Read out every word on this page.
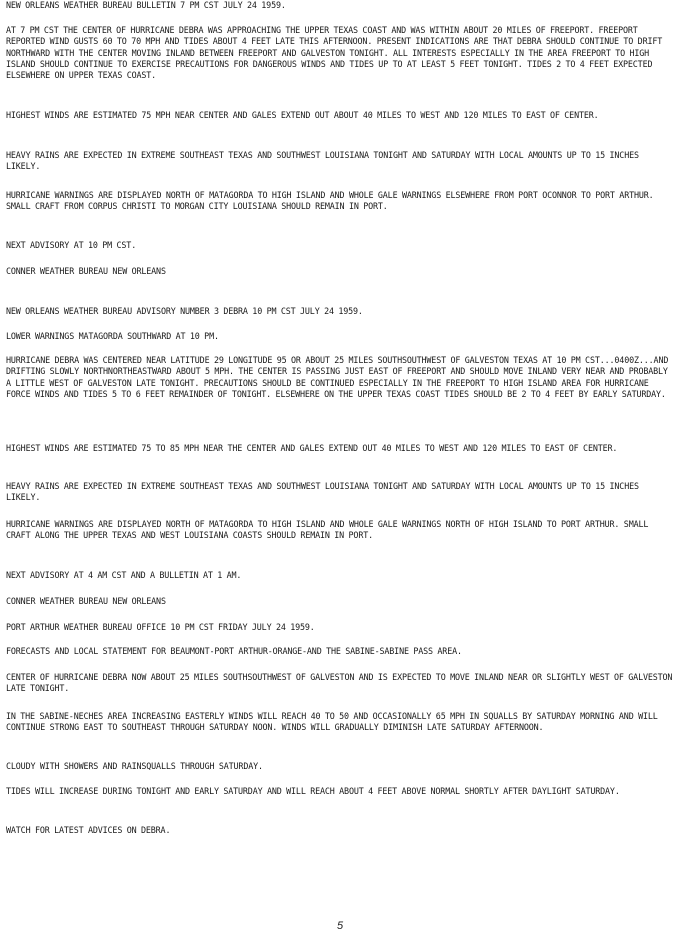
NEW ORLEANS WEATHER BUREAU BULLETIN 7 PM CST JULY 24 1959.

AT 7 PM CST THE CENTER OF HURRICANE DEBRA WAS APPROACHING THE UPPER TEXAS COAST AND WAS WITHIN ABOUT 20 MILES OF FREEPORT. FREEPORT REPORTED WIND GUSTS 60 TO 70 MPH AND TIDES ABOUT 4 FEET LATE THIS AFTERNOON. PRESENT INDICATIONS ARE THAT DEBRA SHOULD CONTINUE TO DRIFT NORTHWARD WITH THE CENTER MOVING INLAND BETWEEN FREEPORT AND GALVESTON TONIGHT. ALL INTERESTS ESPECIALLY IN THE AREA FREEPORT TO HIGH ISLAND SHOULD CONTINUE TO EXERCISE PRECAUTIONS FOR DANGEROUS WINDS AND TIDES UP TO AT LEAST 5 FEET TONIGHT. TIDES 2 TO 4 FEET EXPECTED ELSEWHERE ON UPPER TEXAS COAST.

HIGHEST WINDS ARE ESTIMATED 75 MPH NEAR CENTER AND GALES EXTEND OUT ABOUT 40 MILES TO WEST AND 120 MILES TO EAST OF CENTER.

HEAVY RAINS ARE EXPECTED IN EXTREME SOUTHEAST TEXAS AND SOUTHWEST LOUISIANA TONIGHT AND SATURDAY WITH LOCAL AMOUNTS UP TO 15 INCHES LIKELY.

HURRICANE WARNINGS ARE DISPLAYED NORTH OF MATAGORDA TO HIGH ISLAND AND WHOLE GALE WARNINGS ELSEWHERE FROM PORT OCONNOR TO PORT ARTHUR. SMALL CRAFT FROM CORPUS CHRISTI TO MORGAN CITY LOUISIANA SHOULD REMAIN IN PORT.

NEXT ADVISORY AT 10 PM CST.

CONNER WEATHER BUREAU NEW ORLEANS

NEW ORLEANS WEATHER BUREAU ADVISORY NUMBER 3 DEBRA 10 PM CST JULY 24 1959.

LOWER WARNINGS MATAGORDA SOUTHWARD AT 10 PM.

HURRICANE DEBRA WAS CENTERED NEAR LATITUDE 29 LONGITUDE 95 OR ABOUT 25 MILES SOUTHSOUTHWEST OF GALVESTON TEXAS AT 10 PM CST...0400Z...AND DRIFTING SLOWLY NORTHNORTHEASTWARD ABOUT 5 MPH. THE CENTER IS PASSING JUST EAST OF FREEPORT AND SHOULD MOVE INLAND VERY NEAR AND PROBABLY A LITTLE WEST OF GALVESTON LATE TONIGHT. PRECAUTIONS SHOULD BE CONTINUED ESPECIALLY IN THE FREEPORT TO HIGH ISLAND AREA FOR HURRICANE FORCE WINDS AND TIDES 5 TO 6 FEET REMAINDER OF TONIGHT. ELSEWHERE ON THE UPPER TEXAS COAST TIDES SHOULD BE 2 TO 4 FEET BY EARLY SATURDAY.

HIGHEST WINDS ARE ESTIMATED 75 TO 85 MPH NEAR THE CENTER AND GALES EXTEND OUT 40 MILES TO WEST AND 120 MILES TO EAST OF CENTER.

HEAVY RAINS ARE EXPECTED IN EXTREME SOUTHEAST TEXAS AND SOUTHWEST LOUISIANA TONIGHT AND SATURDAY WITH LOCAL AMOUNTS UP TO 15 INCHES LIKELY.

HURRICANE WARNINGS ARE DISPLAYED NORTH OF MATAGORDA TO HIGH ISLAND AND WHOLE GALE WARNINGS NORTH OF HIGH ISLAND TO PORT ARTHUR. SMALL CRAFT ALONG THE UPPER TEXAS AND WEST LOUISIANA COASTS SHOULD REMAIN IN PORT.

NEXT ADVISORY AT 4 AM CST AND A BULLETIN AT 1 AM.

CONNER WEATHER BUREAU NEW ORLEANS

PORT ARTHUR WEATHER BUREAU OFFICE 10 PM CST FRIDAY JULY 24 1959.

FORECASTS AND LOCAL STATEMENT FOR BEAUMONT-PORT ARTHUR-ORANGE-AND THE SABINE-SABINE PASS AREA.

CENTER OF HURRICANE DEBRA NOW ABOUT 25 MILES SOUTHSOUTHWEST OF GALVESTON AND IS EXPECTED TO MOVE INLAND NEAR OR SLIGHTLY WEST OF GALVESTON LATE TONIGHT.

IN THE SABINE-NECHES AREA INCREASING EASTERLY WINDS WILL REACH 40 TO 50 AND OCCASIONALLY 65 MPH IN SQUALLS BY SATURDAY MORNING AND WILL CONTINUE STRONG EAST TO SOUTHEAST THROUGH SATURDAY NOON. WINDS WILL GRADUALLY DIMINISH LATE SATURDAY AFTERNOON.

CLOUDY WITH SHOWERS AND RAINSQUALLS THROUGH SATURDAY.

TIDES WILL INCREASE DURING TONIGHT AND EARLY SATURDAY AND WILL REACH ABOUT 4 FEET ABOVE NORMAL SHORTLY AFTER DAYLIGHT SATURDAY.

WATCH FOR LATEST ADVICES ON DEBRA.

5
